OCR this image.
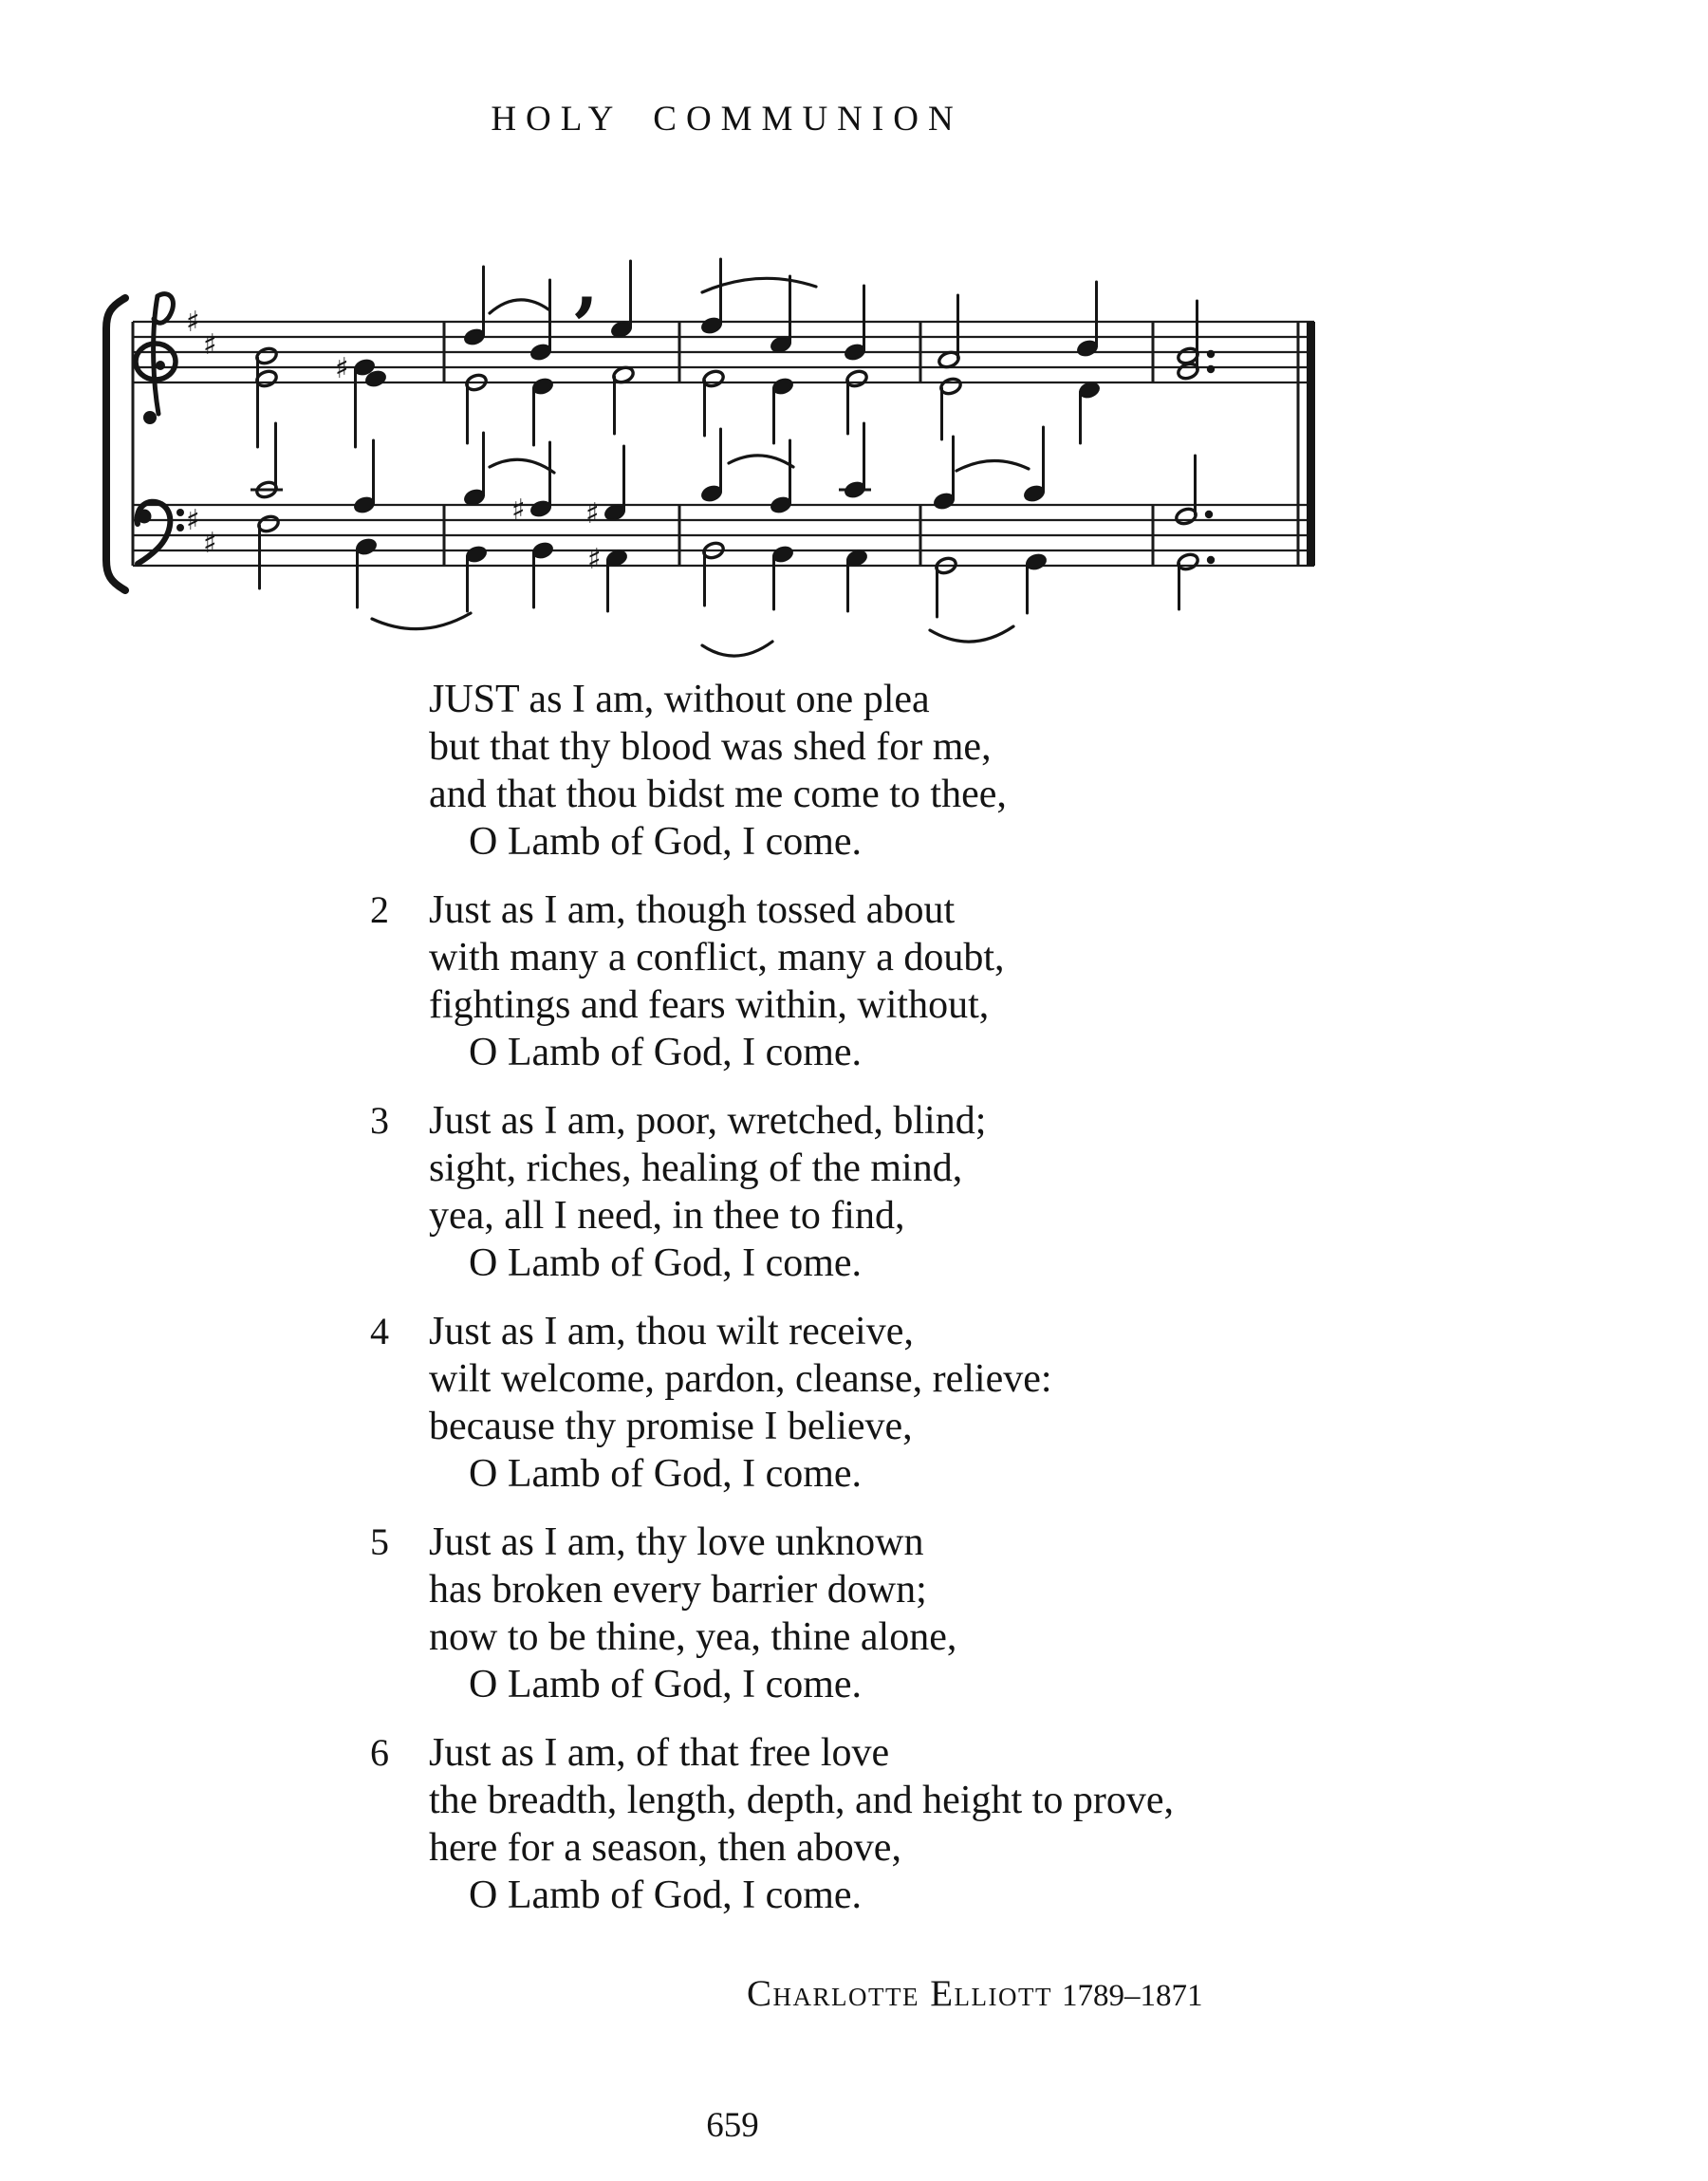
HOLY COMMUNION
♯
♯
♯
♯
♯
♯ ♯
♯
,
JUST as I am, without one plea
but that thy blood was shed for me,
and that thou bidst me come to thee,
O Lamb of God, I come.
2 Just as I am, though tossed about
with many a conflict, many a doubt,
fightings and fears within, without,
O Lamb of God, I come.
3 Just as I am, poor, wretched, blind;
sight, riches, healing of the mind,
yea, all I need, in thee to find,
O Lamb of God, I come.
4 Just as I am, thou wilt receive,
wilt welcome, pardon, cleanse, relieve:
because thy promise I believe,
O Lamb of God, I come.
5 Just as I am, thy love unknown
has broken every barrier down;
now to be thine, yea, thine alone,
O Lamb of God, I come.
6 Just as I am, of that free love
the breadth, length, depth, and height to prove,
here for a season, then above,
O Lamb of God, I come.
Charlotte Elliott 1789–1871
659
